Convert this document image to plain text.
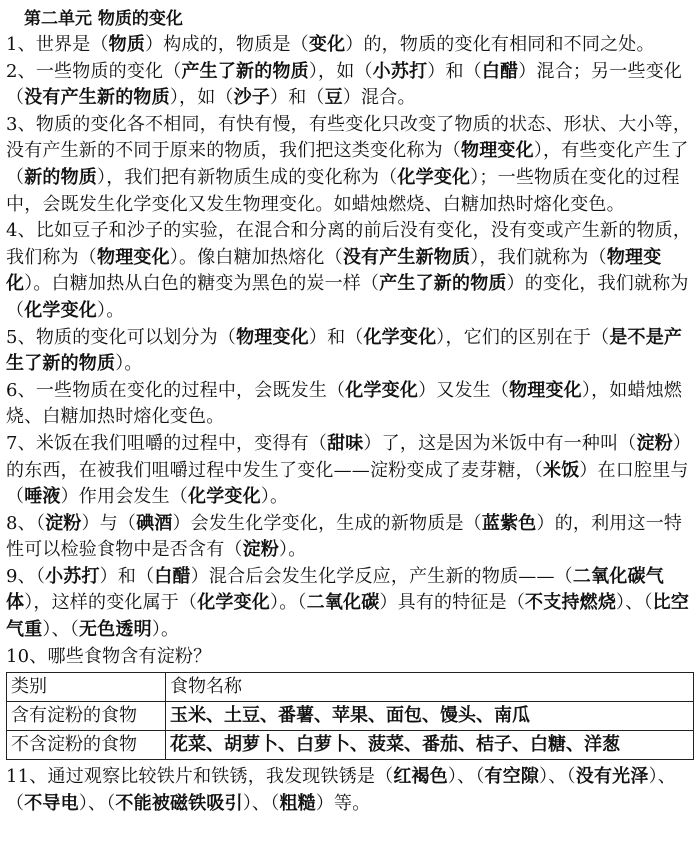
第二单元 物质的变化

1、世界是（物质）构成的，物质是（变化）的，物质的变化有相同和不同之处。

2、一些物质的变化（产生了新的物质），如（小苏打）和（白醋）混合；另一些变化（没有产生新的物质），如（沙子）和（豆）混合。

3、物质的变化各不相同，有快有慢，有些变化只改变了物质的状态、形状、大小等，没有产生新的不同于原来的物质，我们把这类变化称为（物理变化），有些变化产生了（新的物质），我们把有新物质生成的变化称为（化学变化）；一些物质在变化的过程中，会既发生化学变化又发生物理变化。如蜡烛燃烧、白糖加热时熔化变色。

4、比如豆子和沙子的实验，在混合和分离的前后没有变化，没有变或产生新的物质，我们称为（物理变化）。像白糖加热熔化（没有产生新物质），我们就称为（物理变化）。白糖加热从白色的糖变为黑色的炭一样（产生了新的物质）的变化，我们就称为（化学变化）。

5、物质的变化可以划分为（物理变化）和（化学变化），它们的区别在于（是不是产生了新的物质）。

6、一些物质在变化的过程中，会既发生（化学变化）又发生（物理变化），如蜡烛燃烧、白糖加热时熔化变色。

7、米饭在我们咀嚼的过程中，变得有（甜味）了，这是因为米饭中有一种叫（淀粉）的东西，在被我们咀嚼过程中发生了变化——淀粉变成了麦芽糖，（米饭）在口腔里与（唾液）作用会发生（化学变化）。

8、（淀粉）与（碘酒）会发生化学变化，生成的新物质是（蓝紫色）的，利用这一特性可以检验食物中是否含有（淀粉）。

9、（小苏打）和（白醋）混合后会发生化学反应，产生新的物质——（二氧化碳气体），这样的变化属于（化学变化）。（二氧化碳）具有的特征是（不支持燃烧）、（比空气重）、（无色透明）。

10、哪些食物含有淀粉？

类别	食物名称
含有淀粉的食物	玉米、土豆、番薯、苹果、面包、馒头、南瓜
不含淀粉的食物	花菜、胡萝卜、白萝卜、菠菜、番茄、桔子、白糖、洋葱

11、通过观察比较铁片和铁锈，我发现铁锈是（红褐色）、（有空隙）、（没有光泽）、（不导电）、（不能被磁铁吸引）、（粗糙）等。
